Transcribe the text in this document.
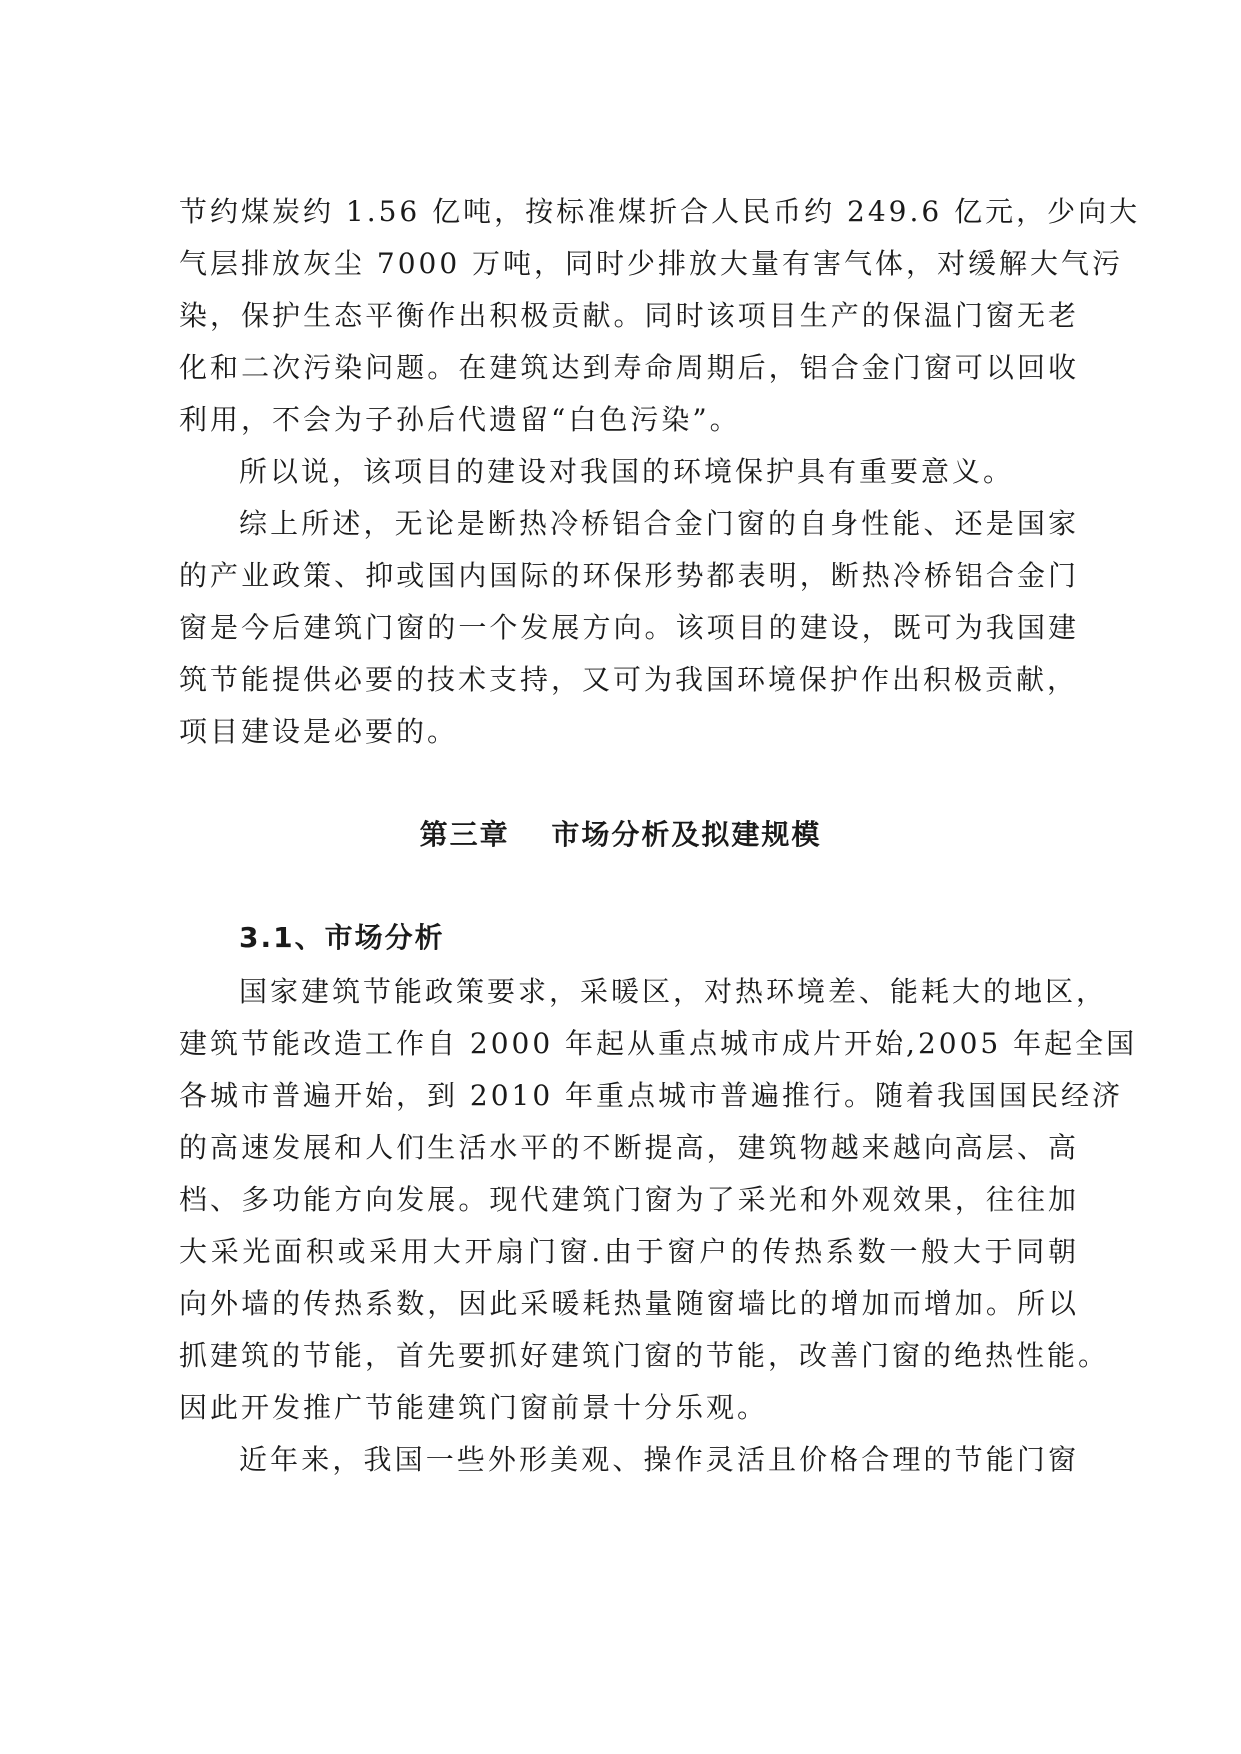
节约煤炭约 1.56 亿吨，按标准煤折合人民币约 249.6 亿元，少向大
气层排放灰尘 7000 万吨，同时少排放大量有害气体，对缓解大气污
染，保护生态平衡作出积极贡献。同时该项目生产的保温门窗无老
化和二次污染问题。在建筑达到寿命周期后，铝合金门窗可以回收
利用，不会为子孙后代遗留“白色污染”。
所以说，该项目的建设对我国的环境保护具有重要意义。
综上所述，无论是断热冷桥铝合金门窗的自身性能、还是国家
的产业政策、抑或国内国际的环保形势都表明，断热冷桥铝合金门
窗是今后建筑门窗的一个发展方向。该项目的建设，既可为我国建
筑节能提供必要的技术支持，又可为我国环境保护作出积极贡献，
项目建设是必要的。
第三章　 市场分析及拟建规模
3.1、市场分析
国家建筑节能政策要求，采暖区，对热环境差、能耗大的地区，
建筑节能改造工作自 2000 年起从重点城市成片开始,2005 年起全国
各城市普遍开始，到 2010 年重点城市普遍推行。随着我国国民经济
的高速发展和人们生活水平的不断提高，建筑物越来越向高层、高
档、多功能方向发展。现代建筑门窗为了采光和外观效果，往往加
大采光面积或采用大开扇门窗.由于窗户的传热系数一般大于同朝
向外墙的传热系数，因此采暖耗热量随窗墙比的增加而增加。所以
抓建筑的节能，首先要抓好建筑门窗的节能，改善门窗的绝热性能。
因此开发推广节能建筑门窗前景十分乐观。
近年来，我国一些外形美观、操作灵活且价格合理的节能门窗
